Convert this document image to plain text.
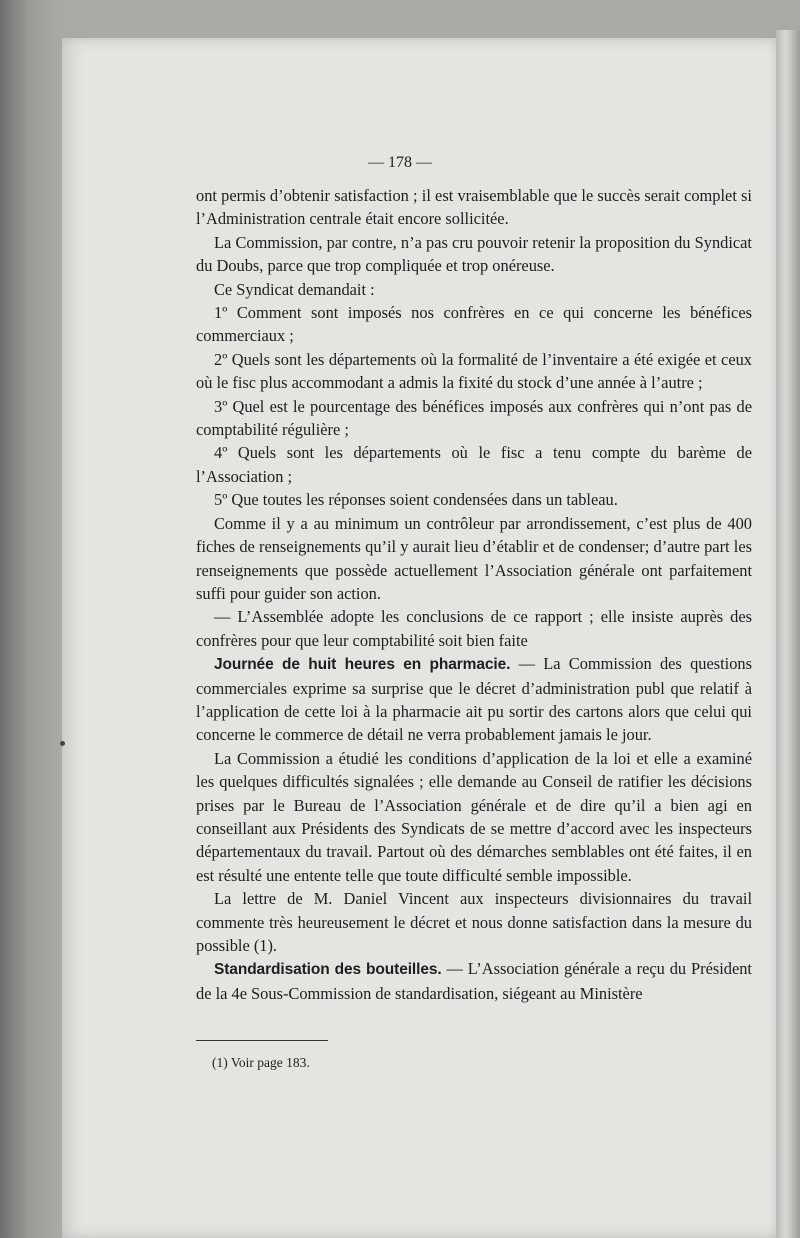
— 178 —

ont permis d’obtenir satisfaction ; il est vraisemblable que le succès serait complet si l’Administration centrale était encore sollicitée.

La Commission, par contre, n’a pas cru pouvoir retenir la proposition du Syndicat du Doubs, parce que trop compliquée et trop onéreuse.

Ce Syndicat demandait :

1º Comment sont imposés nos confrères en ce qui concerne les bénéfices commerciaux ;

2º Quels sont les départements où la formalité de l’inventaire a été exigée et ceux où le fisc plus accommodant a admis la fixité du stock d’une année à l’autre ;

3º Quel est le pourcentage des bénéfices imposés aux confrères qui n’ont pas de comptabilité régulière ;

4º Quels sont les départements où le fisc a tenu compte du barème de l’Association ;

5º Que toutes les réponses soient condensées dans un tableau.

Comme il y a au minimum un contrôleur par arrondissement, c’est plus de 400 fiches de renseignements qu’il y aurait lieu d’établir et de condenser; d’autre part les renseignements que possède actuellement l’Association générale ont parfaitement suffi pour guider son action.

— L’Assemblée adopte les conclusions de ce rapport ; elle insiste auprès des confrères pour que leur comptabilité soit bien faite

Journée de huit heures en pharmacie. — La Commission des questions commerciales exprime sa surprise que le décret d’administration publ que relatif à l’application de cette loi à la pharmacie ait pu sortir des cartons alors que celui qui concerne le commerce de détail ne verra probablement jamais le jour.

La Commission a étudié les conditions d’application de la loi et elle a examiné les quelques difficultés signalées ; elle demande au Conseil de ratifier les décisions prises par le Bureau de l’Association générale et de dire qu’il a bien agi en conseillant aux Présidents des Syndicats de se mettre d’accord avec les inspecteurs départementaux du travail. Partout où des démarches semblables ont été faites, il en est résulté une entente telle que toute difficulté semble impossible.

La lettre de M. Daniel Vincent aux inspecteurs divisionnaires du travail commente très heureusement le décret et nous donne satisfaction dans la mesure du possible (1).

Standardisation des bouteilles. — L’Association générale a reçu du Président de la 4e Sous-Commission de standardisation, siégeant au Ministère

(1) Voir page 183.
